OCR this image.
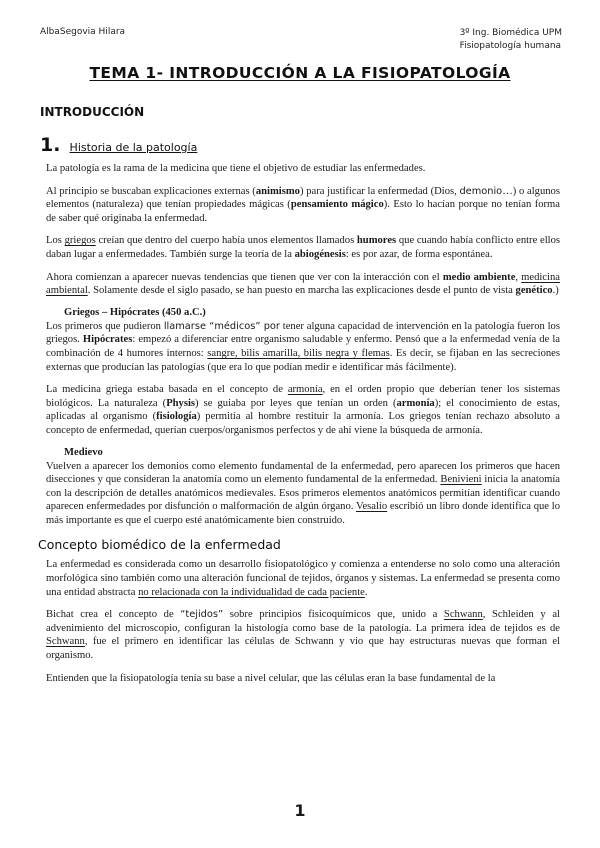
AlbaSegovia Hilara	3º Ing. Biomédica UPM
Fisiopatología humana
TEMA 1- INTRODUCCIÓN A LA FISIOPATOLOGÍA
INTRODUCCIÓN
1. Historia de la patología

La patología es la rama de la medicina que tiene el objetivo de estudiar las enfermedades.

Al principio se buscaban explicaciones externas (animismo) para justificar la enfermedad (Dios, demonio…) o algunos elementos (naturaleza) que tenían propiedades mágicas (pensamiento mágico). Esto lo hacían porque no tenían forma de saber qué originaba la enfermedad.

Los griegos creían que dentro del cuerpo había unos elementos llamados humores que cuando había conflicto entre ellos daban lugar a enfermedades. También surge la teoría de la abiogénesis: es por azar, de forma espontánea.

Ahora comienzan a aparecer nuevas tendencias que tienen que ver con la interacción con el medio ambiente, medicina ambiental. Solamente desde el siglo pasado, se han puesto en marcha las explicaciones desde el punto de vista genético.)

Griegos – Hipócrates (450 a.C.)

Los primeros que pudieron llamarse “médicos” por tener alguna capacidad de intervención en la patología fueron los griegos. Hipócrates: empezó a diferenciar entre organismo saludable y enfermo. Pensó que a la enfermedad venía de la combinación de 4 humores internos: sangre, bilis amarilla, bilis negra y flemas. Es decir, se fijaban en las secreciones externas que producían las patologías (que era lo que podían medir e identificar más fácilmente).

La medicina griega estaba basada en el concepto de armonía, en el orden propio que deberían tener los sistemas biológicos. La naturaleza (Physis) se guiaba por leyes que tenían un orden (armonía); el conocimiento de estas, aplicadas al organismo (fisiología) permitía al hombre restituir la armonía. Los griegos tenían rechazo absoluto a concepto de enfermedad, querían cuerpos/organismos perfectos y de ahí viene la búsqueda de armonía.

Medievo

Vuelven a aparecer los demonios como elemento fundamental de la enfermedad, pero aparecen los primeros que hacen disecciones y que consideran la anatomía como un elemento fundamental de la enfermedad. Benivieni inicia la anatomía con la descripción de detalles anatómicos medievales. Esos primeros elementos anatómicos permitían identificar cuando aparecen enfermedades por disfunción o malformación de algún órgano. Vesalio escribió un libro donde identifica que lo más importante es que el cuerpo esté anatómicamente bien construido.

Concepto biomédico de la enfermedad

La enfermedad es considerada como un desarrollo fisiopatológico y comienza a entenderse no solo como una alteración morfológica sino también como una alteración funcional de tejidos, órganos y sistemas. La enfermedad se presenta como una entidad abstracta no relacionada con la individualidad de cada paciente.

Bichat crea el concepto de “tejidos” sobre principios fisicoquímicos que, unido a Schwann, Schleiden y al advenimiento del microscopio, configuran la histología como base de la patología. La primera idea de tejidos es de Schwann, fue el primero en identificar las células de Schwann y vio que hay estructuras nuevas que forman el organismo.

Entienden que la fisiopatología tenía su base a nivel celular, que las células eran la base fundamental de la

1
